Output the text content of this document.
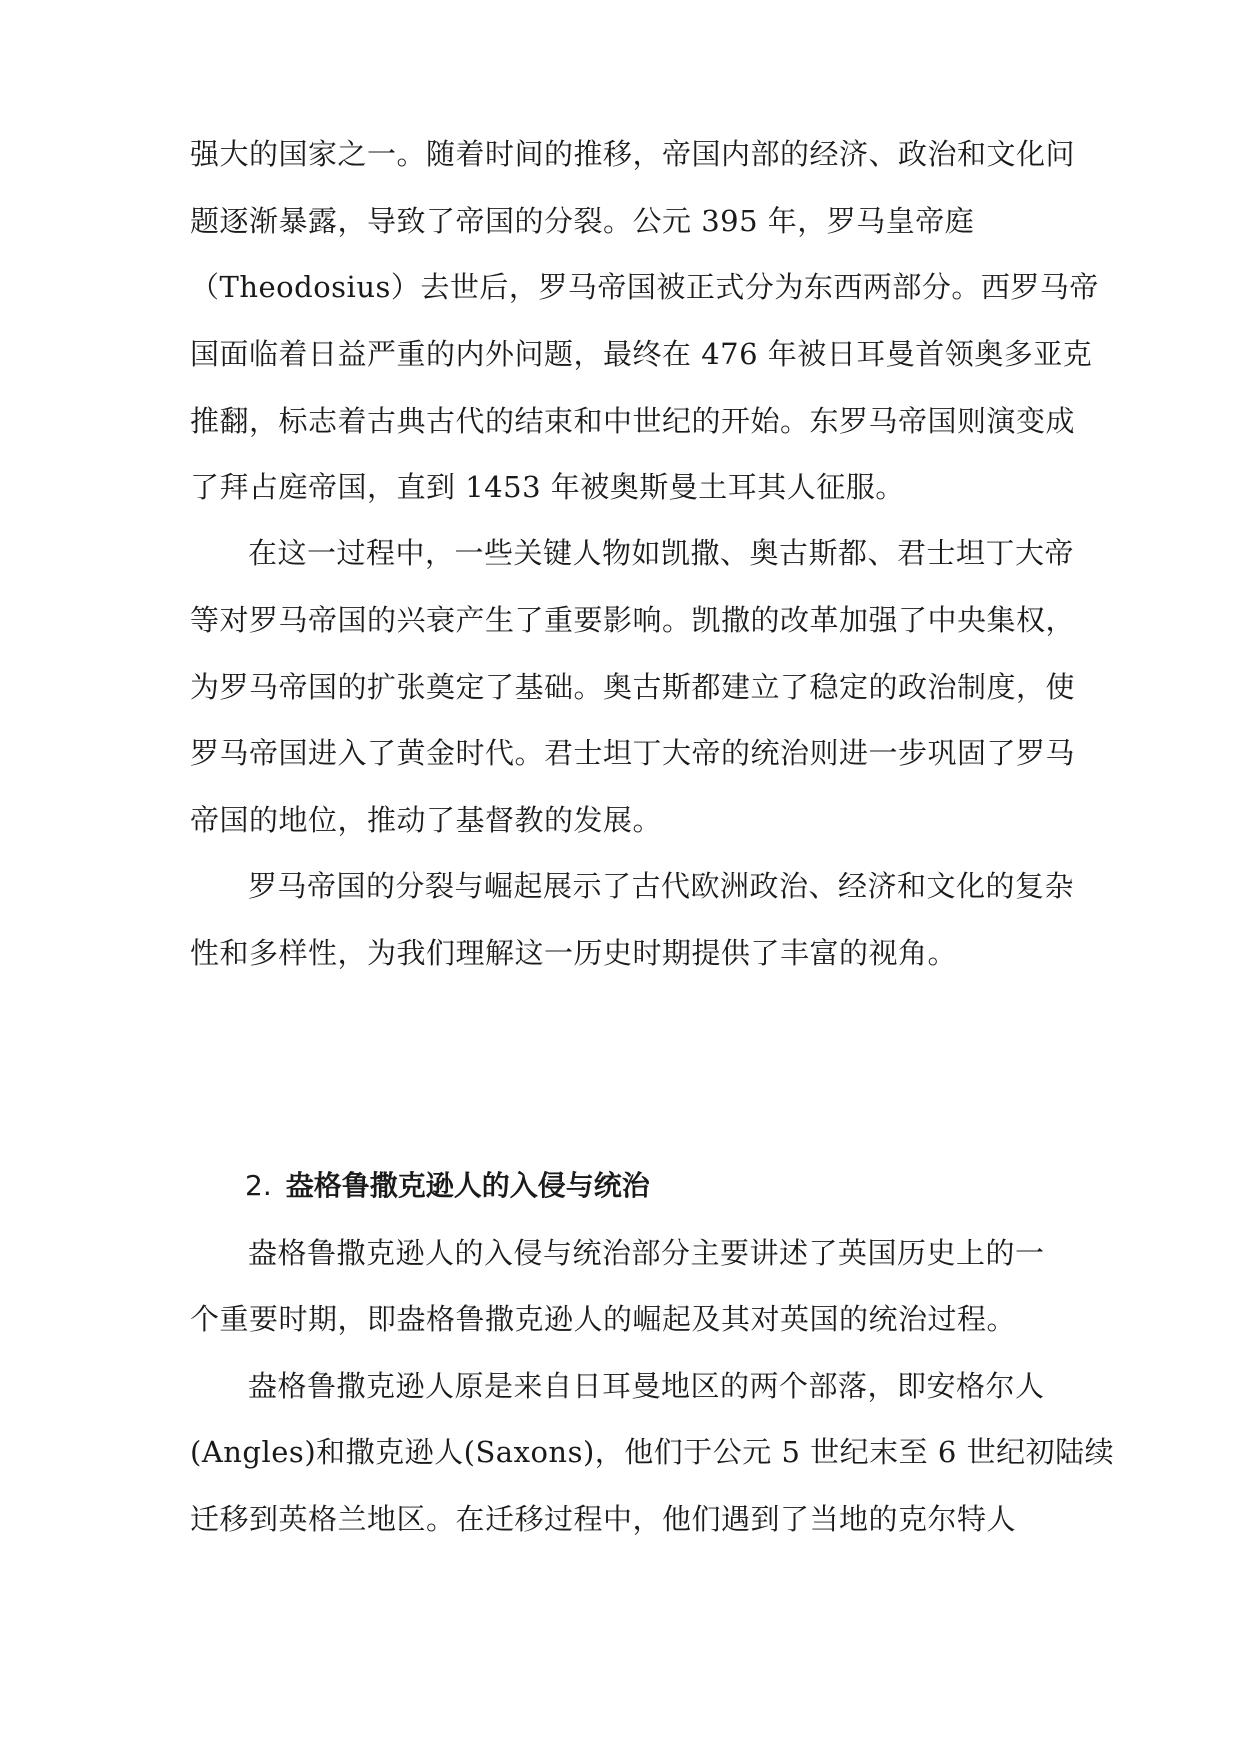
强大的国家之一。随着时间的推移，帝国内部的经济、政治和文化问

题逐渐暴露，导致了帝国的分裂。公元 395 年，罗马皇帝庭

（Theodosius）去世后，罗马帝国被正式分为东西两部分。西罗马帝

国面临着日益严重的内外问题，最终在 476 年被日耳曼首领奥多亚克

推翻，标志着古典古代的结束和中世纪的开始。东罗马帝国则演变成

了拜占庭帝国，直到 1453 年被奥斯曼土耳其人征服。

在这一过程中，一些关键人物如凯撒、奥古斯都、君士坦丁大帝

等对罗马帝国的兴衰产生了重要影响。凯撒的改革加强了中央集权，

为罗马帝国的扩张奠定了基础。奥古斯都建立了稳定的政治制度，使

罗马帝国进入了黄金时代。君士坦丁大帝的统治则进一步巩固了罗马

帝国的地位，推动了基督教的发展。

罗马帝国的分裂与崛起展示了古代欧洲政治、经济和文化的复杂

性和多样性，为我们理解这一历史时期提供了丰富的视角。

2. 盎格鲁撒克逊人的入侵与统治

盎格鲁撒克逊人的入侵与统治部分主要讲述了英国历史上的一

个重要时期，即盎格鲁撒克逊人的崛起及其对英国的统治过程。

盎格鲁撒克逊人原是来自日耳曼地区的两个部落，即安格尔人

(Angles)和撒克逊人(Saxons)，他们于公元 5 世纪末至 6 世纪初陆续

迁移到英格兰地区。在迁移过程中，他们遇到了当地的克尔特人
